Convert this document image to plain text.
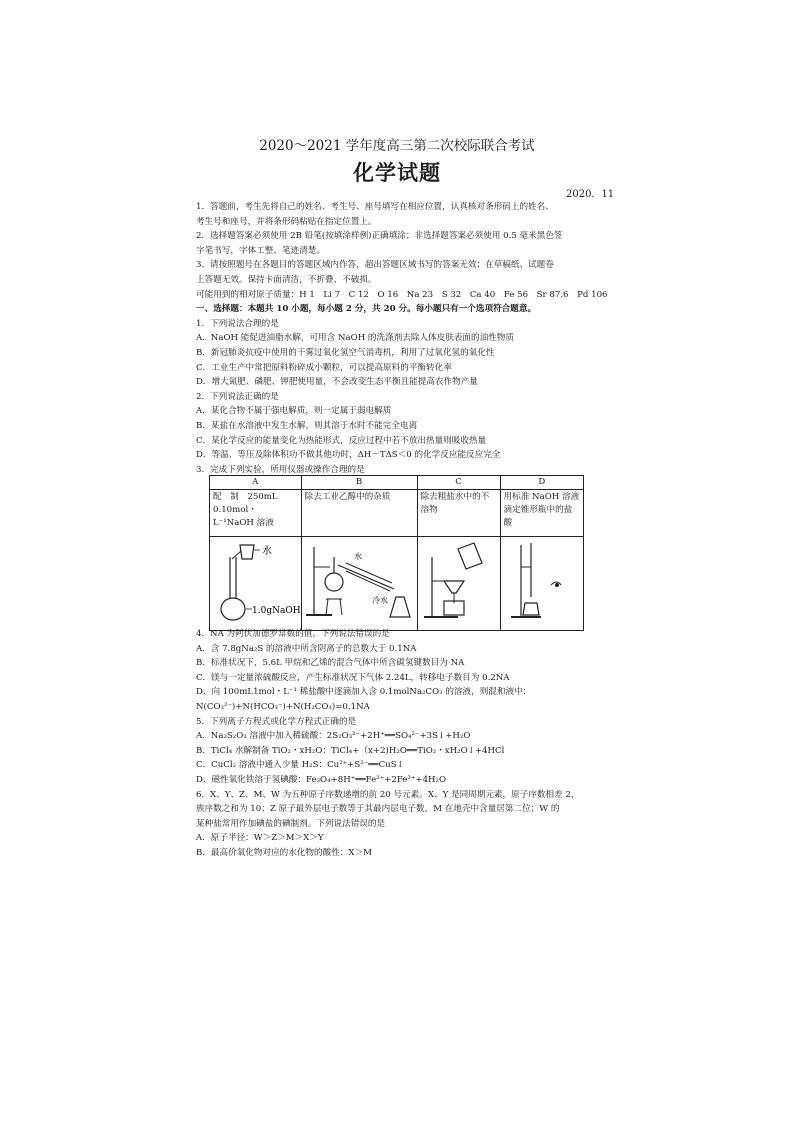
2020～2021 学年度高三第二次校际联合考试
化学试题
2020．11

1．答题前，考生先将自己的姓名、考生号、座号填写在相应位置，认真核对条形码上的姓名、

考生号和座号，并将条形码粘贴在指定位置上。

2．选择题答案必须使用 2B 铅笔(按填涂样例)正确填涂；非选择题答案必须使用 0.5 毫米黑色签

字笔书写，字体工整、笔迹清楚。

3．请按照题号在各题目的答题区域内作答，超出答题区域书写的答案无效；在草稿纸、试题卷

上答题无效。保持卡面清洁，不折叠、不破损。

可能用到的相对原子质量：H 1　Li 7　C 12　O 16　Na 23　S 32　Ca 40　Fe 56　Sr 87.6　Pd 106

一、选择题：本题共 10 小题，每小题 2 分，共 20 分。每小题只有一个选项符合题意。

1．下列说法合理的是

A．NaOH 能促进油脂水解，可用含 NaOH 的洗涤剂去除人体皮肤表面的油性物质

B．新冠肺炎抗疫中使用的干雾过氧化氢空气消毒机，利用了过氧化氢的氧化性

C．工业生产中常把原料粉碎成小颗粒，可以提高原料的平衡转化率

D．增大氮肥、磷肥、钾肥使用量，不会改变生态平衡且能提高农作物产量

2．下列说法正确的是

A．某化合物不属于强电解质，则一定属于弱电解质

B．某盐在水溶液中发生水解，则其溶于水时不能完全电离

C．某化学反应的能量变化为热能形式，反应过程中若不放出热量则吸收热量

D．等温、等压及除体积功不做其他功时，ΔH－TΔS＜0 的化学反应能反应完全

3．完成下列实验，所用仪器或操作合理的是

A	B	C	D
配　制　250mL 0.10mol・L⁻¹NaOH 溶液	除去工业乙醇中的杂质	除去粗盐水中的不溶物	用标准 NaOH 溶液滴定锥形瓶中的盐酸

水
1.0gNaOH	水
冷水

4．NA 为阿伏加德罗常数的值。下列说法错误的是

A．含 7.8gNa₂S 的溶液中所含阴离子的总数大于 0.1NA

B．标准状况下，5.6L 甲烷和乙烯的混合气体中所含碳氢键数目为 NA

C．镁与一定量浓硫酸反应，产生标准状况下气体 2.24L，转移电子数目为 0.2NA

D．向 100mL1mol・L⁻¹ 稀盐酸中逐滴加入含 0.1molNa₂CO₃ 的溶液，则混和液中：

N(CO₃²⁻)+N(HCO₃⁻)+N(H₂CO₃)=0.1NA

5．下列离子方程式或化学方程式正确的是

A．Na₂S₂O₃ 溶液中加入稀硫酸：2S₂O₃²⁻+2H⁺══SO₄²⁻+3S↓+H₂O

B．TiCl₄ 水解制备 TiO₂・xH₂O：TiCl₄+（x+2)H₂O══TiO₂・xH₂O↓+4HCl

C．CuCl₂ 溶液中通入少量 H₂S：Cu²⁺+S²⁻══CuS↓

D．磁性氧化铁溶于氢碘酸：Fe₃O₄+8H⁺══Fe²⁺+2Fe³⁺+4H₂O

6．X、Y、Z、M、W 为五种原子序数递增的前 20 号元素。X、Y 是同周期元素，原子序数相差 2，

族序数之和为 10；Z 原子最外层电子数等于其最内层电子数，M 在地壳中含量居第二位；W 的

某种盐常用作加碘盐的碘制剂。下列说法错误的是

A．原子半径：W＞Z＞M＞X＞Y

B．最高价氧化物对应的水化物的酸性：X＞M
